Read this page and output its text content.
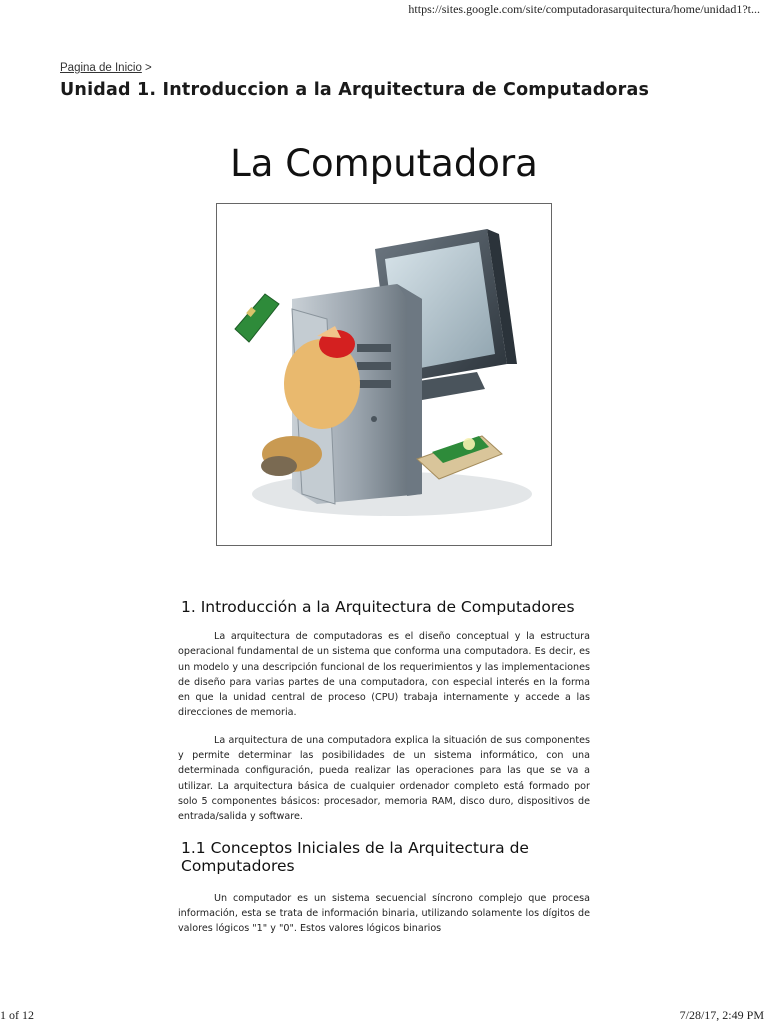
https://sites.google.com/site/computadorasarquitectura/home/unidad1?t...
Pagina de Inicio >
Unidad 1. Introduccion a la Arquitectura de Computadoras
La Computadora
1. Introducción a la Arquitectura de Computadores

La arquitectura de computadoras es el diseño conceptual y la estructura operacional fundamental de un sistema que conforma una computadora. Es decir, es un modelo y una descripción funcional de los requerimientos y las implementaciones de diseño para varias partes de una computadora, con especial interés en la forma en que la unidad central de proceso (CPU) trabaja internamente y accede a las direcciones de memoria.

La arquitectura de una computadora explica la situación de sus componentes y permite determinar las posibilidades de un sistema informático, con una determinada configuración, pueda realizar las operaciones para las que se va a utilizar. La arquitectura básica de cualquier ordenador completo está formado por solo 5 componentes básicos: procesador, memoria RAM, disco duro, dispositivos de entrada/salida y software.

1.1 Conceptos Iniciales de la Arquitectura de Computadores

Un computador es un sistema secuencial síncrono complejo que procesa información, esta se trata de información binaria, utilizando solamente los dígitos de valores lógicos "1" y "0". Estos valores lógicos binarios

1 of 12	7/28/17, 2:49 PM
